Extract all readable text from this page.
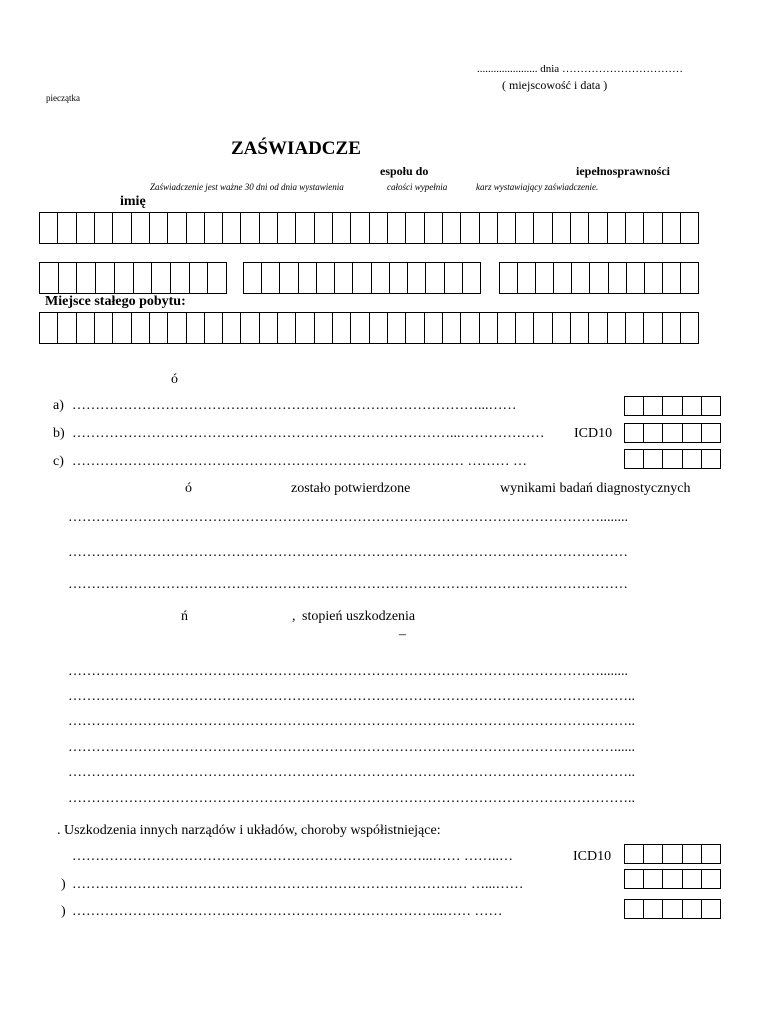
...................... dnia ……………………………
( miejscowość i data )
pieczątka
ZAŚWIADCZE
espołu do	iepełnosprawności
Zaświadczenie jest ważne 30 dni od dnia wystawienia	całości wypełnia	karz wystawiający zaświadczenie.
imię
Miejsce stałego pobytu:
ó
a) ……………………………………………………………………………...……
b) ………………………………………………………………………...………………	ICD10
c) ………………………………………………………………………… ……… …
ó	zostało potwierdzone	wynikami badań diagnostycznych
……………………………………………………………………………………………………........
…………………………………………………………………………………………………………
…………………………………………………………………………………………………………
ń	, stopień uszkodzenia
–
……………………………………………………………………………………………………........
…………………………………………………………………………………………………………..
…………………………………………………………………………………………………………..
………………………………………………………………………………………………………......
…………………………………………………………………………………………………………..
…………………………………………………………………………………………………………..
. Uszkodzenia innych narządów i układów, choroby współistniejące:
…………………………………………………………………...…… ……..…	ICD10
) ……………………………………………………………………….… …...……
) ……………………………………………………………………..…… ……
